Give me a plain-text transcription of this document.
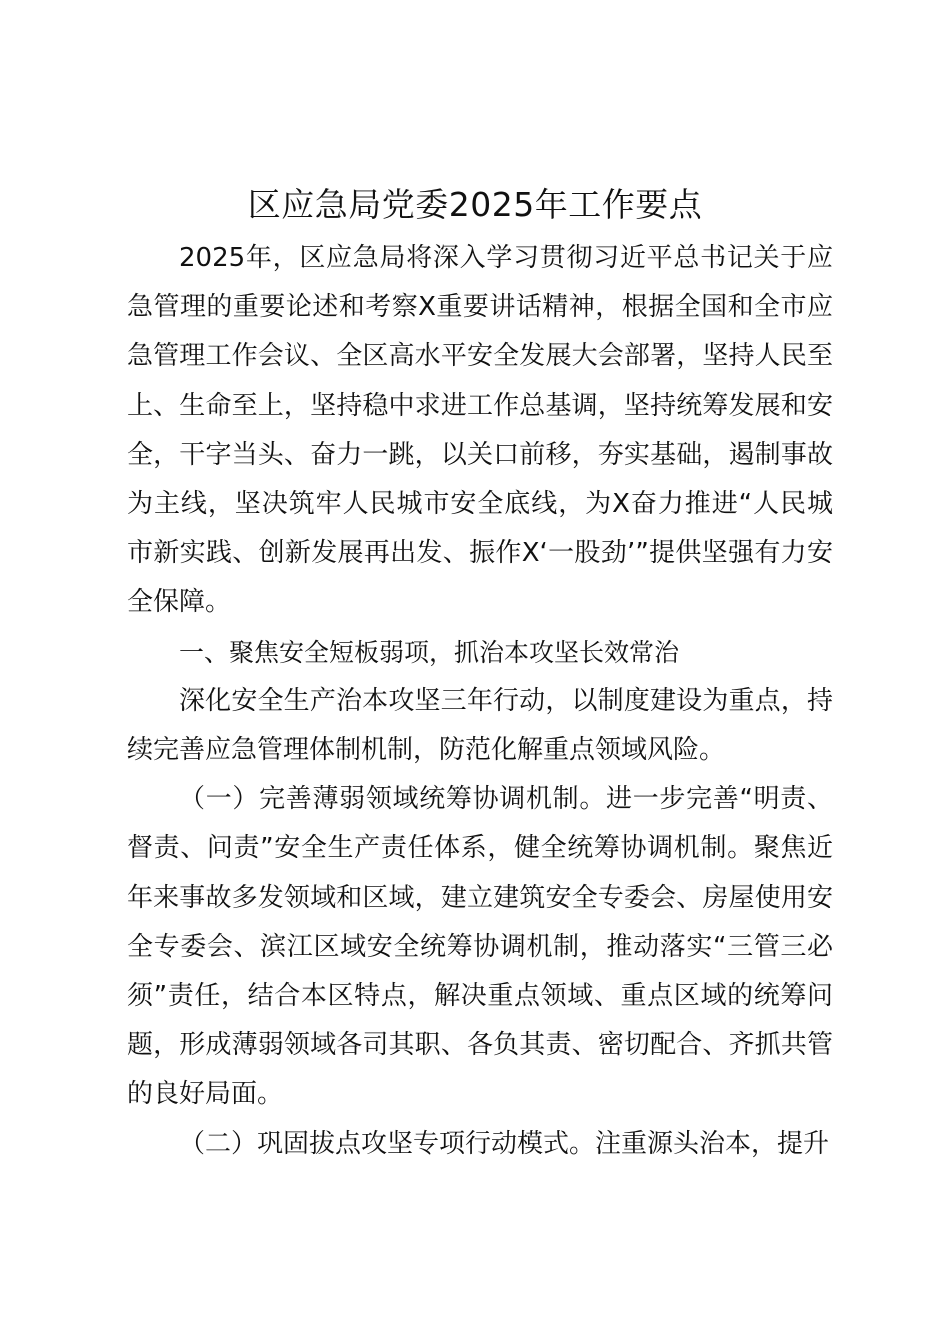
区应急局党委2025年工作要点

2025年，区应急局将深入学习贯彻习近平总书记关于应急管理的重要论述和考察X重要讲话精神，根据全国和全市应急管理工作会议、全区高水平安全发展大会部署，坚持人民至上、生命至上，坚持稳中求进工作总基调，坚持统筹发展和安全，干字当头、奋力一跳，以关口前移，夯实基础，遏制事故为主线，坚决筑牢人民城市安全底线，为X奋力推进“人民城市新实践、创新发展再出发、振作X‘一股劲’”提供坚强有力安全保障。

一、聚焦安全短板弱项，抓治本攻坚长效常治

深化安全生产治本攻坚三年行动，以制度建设为重点，持续完善应急管理体制机制，防范化解重点领域风险。

（一）完善薄弱领域统筹协调机制。进一步完善“明责、督责、问责”安全生产责任体系，健全统筹协调机制。聚焦近年来事故多发领域和区域，建立建筑安全专委会、房屋使用安全专委会、滨江区域安全统筹协调机制，推动落实“三管三必须”责任，结合本区特点，解决重点领域、重点区域的统筹问题，形成薄弱领域各司其职、各负其责、密切配合、齐抓共管的良好局面。

（二）巩固拔点攻坚专项行动模式。注重源头治本，提升
